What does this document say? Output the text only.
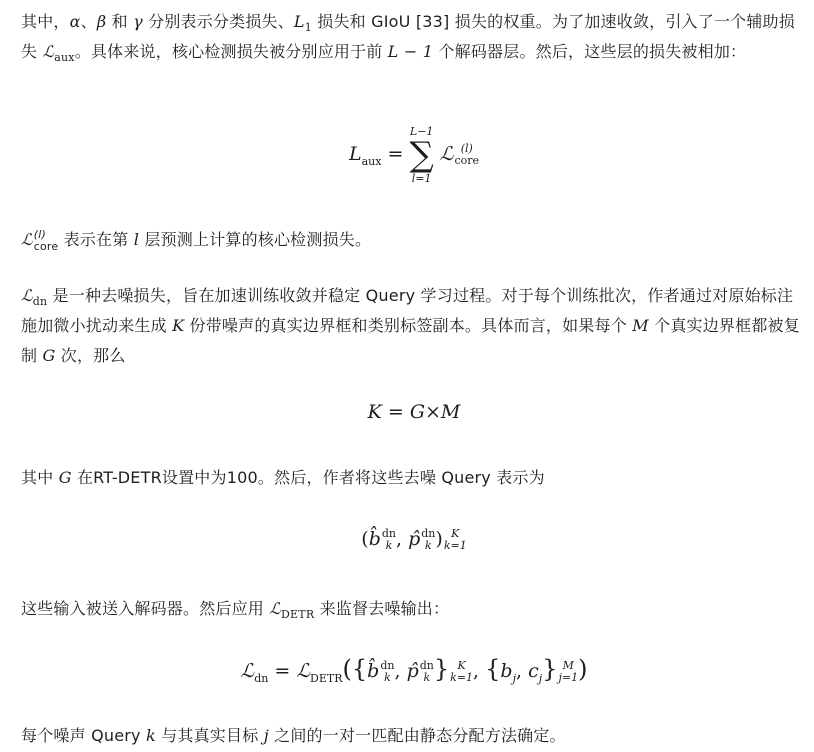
其中，α、β 和 γ 分别表示分类损失、$L_1$ 损失和 GIoU [33] 损失的权重。为了加速收敛，引入了一个辅助损失 ℒ$_{aux}$。具体来说，核心检测损失被分别应用于前 L − 1 个解码器层。然后，这些层的损失被相加：

$L_{aux}$ =
L−1
∑
l=1
ℒ (l)
core

ℒ (l)
core 表示在第 l 层预测上计算的核心检测损失。

ℒ$_{dn}$ 是一种去噪损失，旨在加速训练收敛并稳定 Query 学习过程。对于每个训练批次，作者通过对原始标注施加微小扰动来生成 K 份带噪声的真实边界框和类别标签副本。具体而言，如果每个 M 个真实边界框都被复制 G 次，那么

K = G×M

其中 G 在RT-DETR设置中为100。然后，作者将这些去噪 Query 表示为

(b̂ dn
k , p̂ dn
k ) K
k=1

这些输入被送入解码器。然后应用 ℒ$_{DETR}$ 来监督去噪输出：

ℒ$_{dn}$ = ℒ$_{DETR}$({b̂ dn
k , p̂ dn
k } K
k=1 , {$b_j$, $c_j$} M
j=1 )

每个噪声 Query k 与其真实目标 j 之间的一对一匹配由静态分配方法确定。
